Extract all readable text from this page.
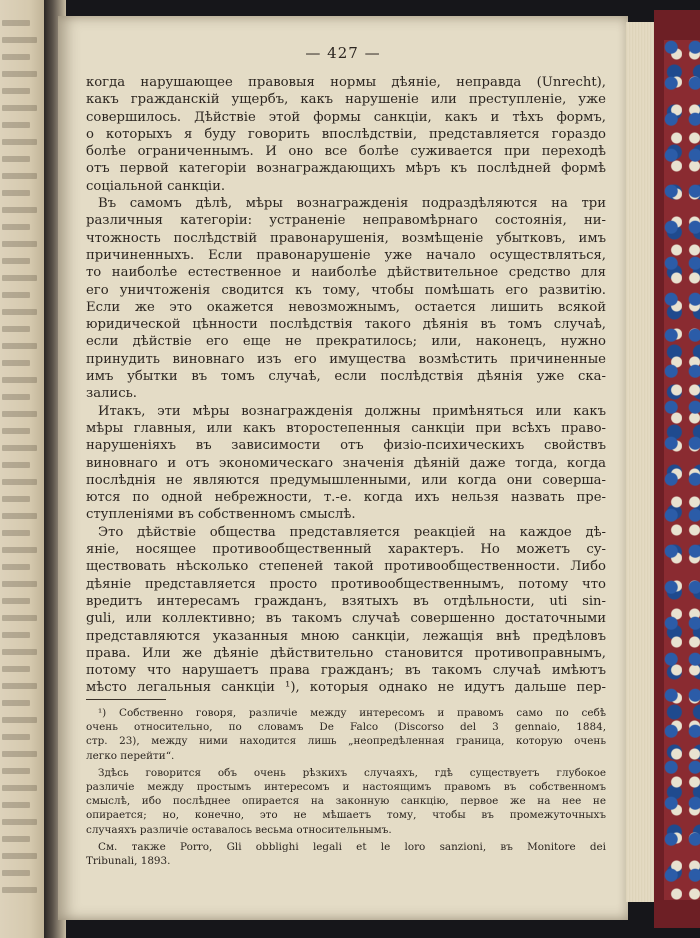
— 427 —
когда нарушающее правовыя нормы дѣяніе, неправда (Unrecht),
какъ гражданскій ущербъ, какъ нарушеніе или преступленіе, уже
совершилось. Дѣйствіе этой формы санкціи, какъ и тѣхъ формъ,
о которыхъ я буду говорить впослѣдствіи, представляется гораздо
болѣе ограниченнымъ. И оно все болѣе суживается при переходѣ
отъ первой категоріи вознаграждающихъ мѣръ къ послѣдней формѣ
соціальной санкціи.
Въ самомъ дѣлѣ, мѣры вознагражденія подраздѣляются на три
различныя категоріи: устраненіе неправомѣрнаго состоянія, ни-
чтожность послѣдствій правонарушенія, возмѣщеніе убытковъ, имъ
причиненныхъ. Если правонарушеніе уже начало осуществляться,
то наиболѣе естественное и наиболѣе дѣйствительное средство для
его уничтоженія сводится къ тому, чтобы помѣшать его развитію.
Если же это окажется невозможнымъ, остается лишить всякой
юридической цѣнности послѣдствія такого дѣянія въ томъ случаѣ,
если дѣйствіе его еще не прекратилось; или, наконецъ, нужно
принудить виновнаго изъ его имущества возмѣстить причиненные
имъ убытки въ томъ случаѣ, если послѣдствія дѣянія уже ска-
зались.
Итакъ, эти мѣры вознагражденія должны примѣняться или какъ
мѣры главныя, или какъ второстепенныя санкціи при всѣхъ право-
нарушеніяхъ въ зависимости отъ физіо-психическихъ свойствъ
виновнаго и отъ экономическаго значенія дѣяній даже тогда, когда
послѣднія не являются предумышленными, или когда они соверша-
ются по одной небрежности, т.-е. когда ихъ нельзя назвать пре-
ступленіями въ собственномъ смыслѣ.
Это дѣйствіе общества представляется реакціей на каждое дѣ-
яніе, носящее противообщественный характеръ. Но можетъ су-
ществовать нѣсколько степеней такой противообщественности. Либо
дѣяніе представляется просто противообщественнымъ, потому что
вредитъ интересамъ гражданъ, взятыхъ въ отдѣльности, uti sin-
guli, или коллективно; въ такомъ случаѣ совершенно достаточными
представляются указанныя мною санкціи, лежащія внѣ предѣловъ
права. Или же дѣяніе дѣйствительно становится противоправнымъ,
потому что нарушаетъ права гражданъ; въ такомъ случаѣ имѣютъ
мѣсто легальныя санкціи ¹), которыя однако не идутъ дальше пер-
¹) Собственно говоря, различіе между интересомъ и правомъ само по себѣ
очень относительно, по словамъ De Falco (Discorso del 3 gennaio, 1884,
стр. 23), между ними находится лишь „неопредѣленная граница, которую очень
легко перейти“.
Здѣсь говорится объ очень рѣзкихъ случаяхъ, гдѣ существуетъ глубокое
различіе между простымъ интересомъ и настоящимъ правомъ въ собственномъ
смыслѣ, ибо послѣднее опирается на законную санкцію, первое же на нее не
опирается; но, конечно, это не мѣшаетъ тому, чтобы въ промежуточныхъ
случаяхъ различіе оставалось весьма относительнымъ.
См. также Porro, Gli obblighi legali et le loro sanzioni, въ Monitore dei
Tribunali, 1893.
